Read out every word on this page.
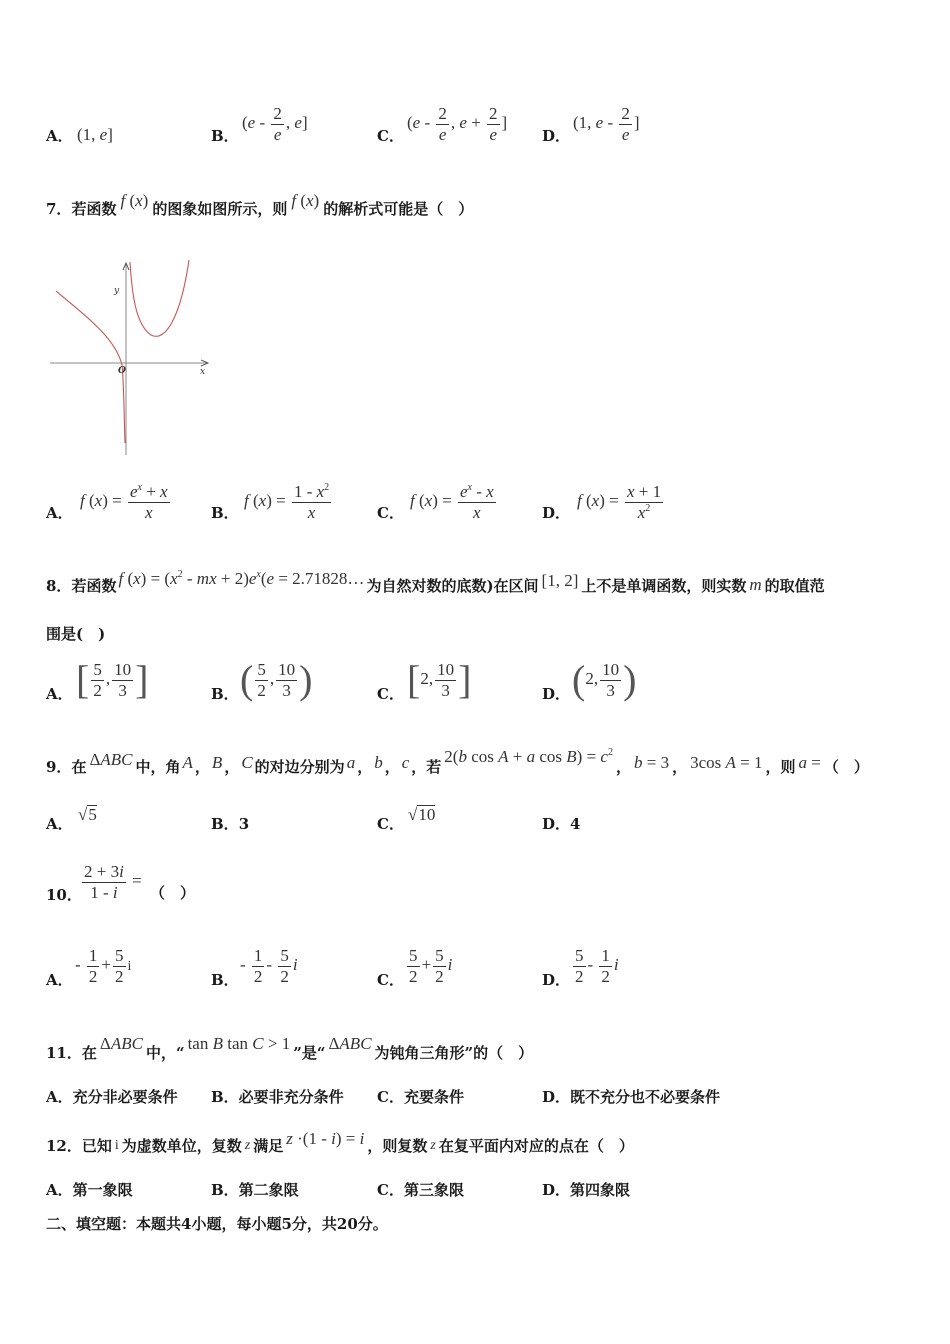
A． (1, e]	B．
($e - \frac{2}{e}$ , e]
C．
($e - \frac{2}{e}$ , $e + \frac{2}{e}$ ]
D．
(1, e - $\frac{2}{e}$ ]
7．若函数 f (x) 的图象如图所示，则 f (x) 的解析式可能是（　）
y
x
O
A．
f $(x) = \frac{e^x + x}{x}$	B．
f $(x) = \frac{1 - x^2}{x}$	C．
f $(x) = \frac{e^x - x}{x}$	D．
f $(x) = \frac{x + 1}{x^2}$
8．若函数 f $(x) = (x^2$ - mx + $2)e^x(e$ = 2.71828… 为自然对数的底数)在区间 [1, 2] 上不是单调函数，则实数 m 的取值范
围是(　)
A． [ $\frac{5}{2}$ , $\frac{10}{3}$ ]	B． ( $\frac{5}{2}$ , $\frac{10}{3}$ )	C． [2, $\frac{10}{3}$ ]	D． (2, $\frac{10}{3}$ )
9．在 ΔABC 中，角 A ， B ， C 的对边分别为 a ， b ， c ，若2(b cos A + a $\cos B) = c^2$， b = 3 ， 3cos A = 1 ，则 a = （　）
A． √5	B．3	C． √10	D．4
10． $\frac{2 + 3i}{1 - i}$ =
（　）
A．
- $\frac{1}{2} + \frac{5}{2}$ i
B．
- $\frac{1}{2} - \frac{5}{2}$ i
C． $\frac{5}{2} + \frac{5}{2}$ i
D． $\frac{5}{2} - \frac{1}{2}$ i
11．在 ΔABC 中，“ tan B tan C > 1 ”是“ ΔABC 为钝角三角形”的（　）
A．充分非必要条件 B．必要非充分条件 C．充要条件	D．既不充分也不必要条件
12．已知 i 为虚数单位，复数 z 满足 z ·(1 - i) = i ，则复数 z 在复平面内对应的点在（　）
A．第一象限	B．第二象限	C．第三象限	D．第四象限
二、填空题：本题共4小题，每小题5分，共20分。
